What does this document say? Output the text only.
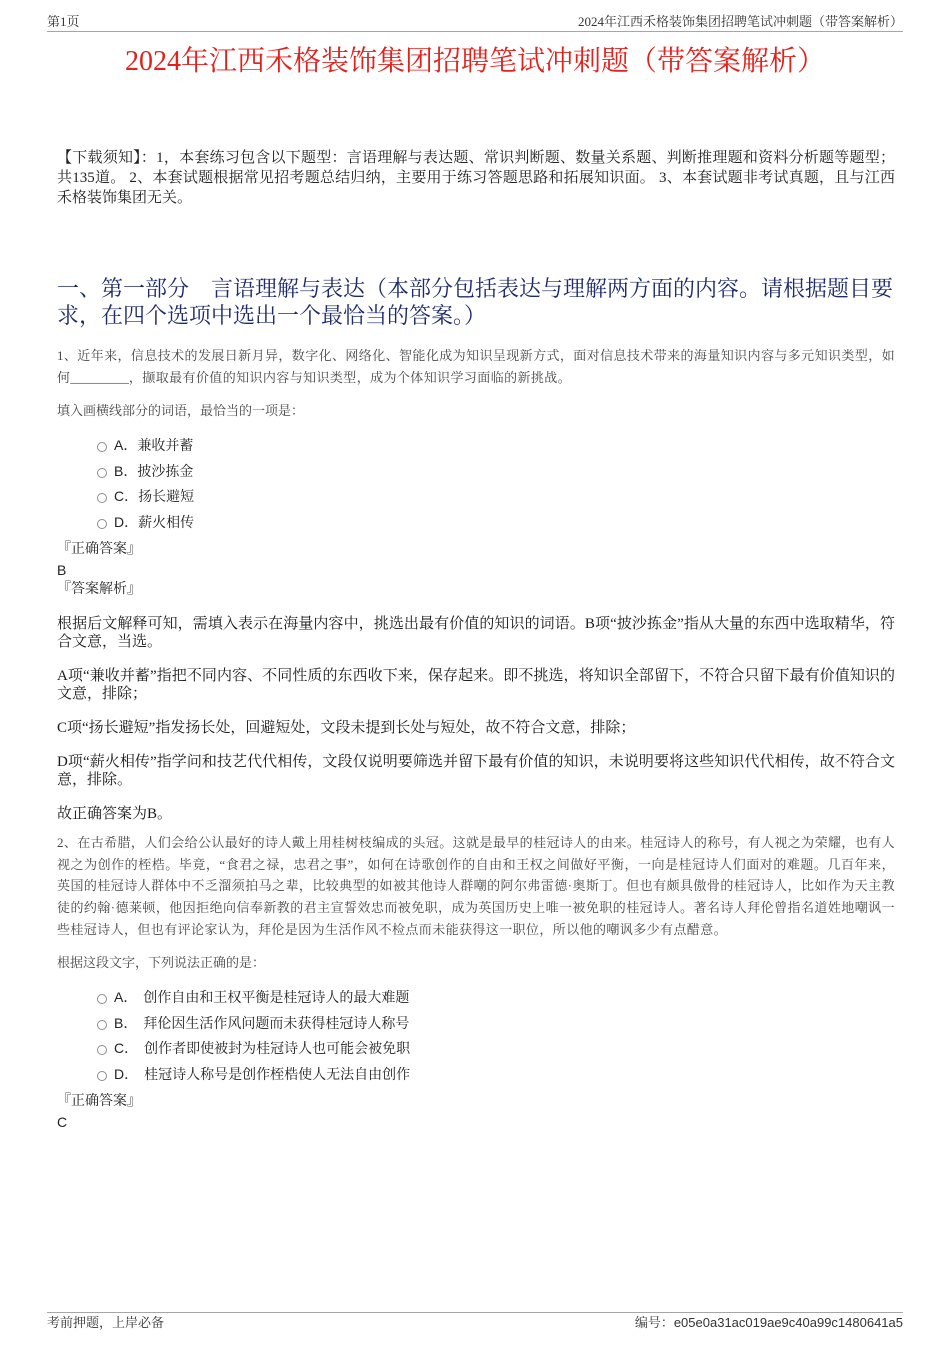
第1页	2024年江西禾格装饰集团招聘笔试冲刺题（带答案解析）
2024年江西禾格装饰集团招聘笔试冲刺题（带答案解析）

【下载须知】：1，本套练习包含以下题型：言语理解与表达题、常识判断题、数量关系题、判断推理题和资料分析题等题型；共135道。 2、本套试题根据常见招考题总结归纳，主要用于练习答题思路和拓展知识面。 3、本套试题非考试真题，且与江西禾格装饰集团无关。

一、第一部分　言语理解与表达（本部分包括表达与理解两方面的内容。请根据题目要求，在四个选项中选出一个最恰当的答案。）

1、近年来，信息技术的发展日新月异，数字化、网络化、智能化成为知识呈现新方式，面对信息技术带来的海量知识内容与多元知识类型，如何_________，撷取最有价值的知识内容与知识类型，成为个体知识学习面临的新挑战。

填入画横线部分的词语，最恰当的一项是：

A．兼收并蓄
B．披沙拣金
C．扬长避短
D．薪火相传
『正确答案』
B
『答案解析』

根据后文解释可知，需填入表示在海量内容中，挑选出最有价值的知识的词语。B项“披沙拣金”指从大量的东西中选取精华，符合文意，当选。

A项“兼收并蓄”指把不同内容、不同性质的东西收下来，保存起来。即不挑选，将知识全部留下，不符合只留下最有价值知识的文意，排除；

C项“扬长避短”指发扬长处，回避短处，文段未提到长处与短处，故不符合文意，排除；

D项“薪火相传”指学问和技艺代代相传，文段仅说明要筛选并留下最有价值的知识，未说明要将这些知识代代相传，故不符合文意，排除。

故正确答案为B。

2、在古希腊，人们会给公认最好的诗人戴上用桂树枝编成的头冠。这就是最早的桂冠诗人的由来。桂冠诗人的称号，有人视之为荣耀，也有人视之为创作的桎梏。毕竟，“食君之禄，忠君之事”，如何在诗歌创作的自由和王权之间做好平衡，一向是桂冠诗人们面对的难题。几百年来，英国的桂冠诗人群体中不乏溜须拍马之辈，比较典型的如被其他诗人群嘲的阿尔弗雷德·奥斯丁。但也有颇具傲骨的桂冠诗人，比如作为天主教徒的约翰·德莱顿，他因拒绝向信奉新教的君主宣誓效忠而被免职，成为英国历史上唯一被免职的桂冠诗人。著名诗人拜伦曾指名道姓地嘲讽一些桂冠诗人，但也有评论家认为，拜伦是因为生活作风不检点而未能获得这一职位，所以他的嘲讽多少有点醋意。

根据这段文字，下列说法正确的是：

A． 创作自由和王权平衡是桂冠诗人的最大难题
B． 拜伦因生活作风问题而未获得桂冠诗人称号
C． 创作者即使被封为桂冠诗人也可能会被免职
D． 桂冠诗人称号是创作桎梏使人无法自由创作
『正确答案』
C
考前押题，上岸必备	编号：e05e0a31ac019ae9c40a99c1480641a5
